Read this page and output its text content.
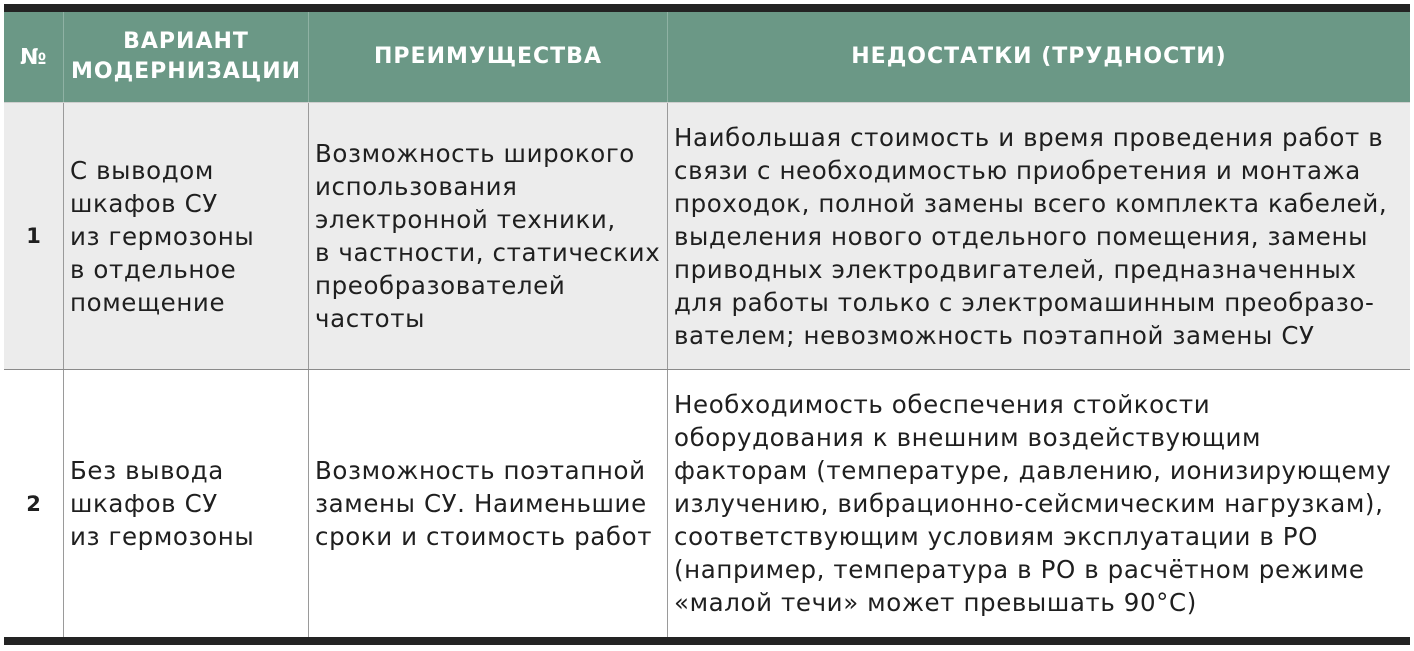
№
ВАРИАНТ
МОДЕРНИЗАЦИИ
ПРЕИМУЩЕСТВА	НЕДОСТАТКИ (ТРУДНОСТИ)
1
С выводом
шкафов СУ
из гермозоны
в отдельное
помещение
Возможность широкого
использования
электронной техники,
в частности, статических
преобразователей
частоты
Наибольшая стоимость и время проведения работ в
связи с необходимостью приобретения и монтажа
проходок, полной замены всего комплекта кабелей,
выделения нового отдельного помещения, замены
приводных электродвигателей, предназначенных
для работы только с электромашинным преобразо-
вателем; невозможность поэтапной замены СУ
2
Без вывода
шкафов СУ
из гермозоны
Возможность поэтапной
замены СУ. Наименьшие
сроки и стоимость работ
Необходимость обеспечения стойкости
оборудования к внешним воздействующим
факторам (температуре, давлению, ионизирующему
излучению, вибрационно-сейсмическим нагрузкам),
соответствующим условиям эксплуатации в РО
(например, температура в РО в расчётном режиме
«малой течи» может превышать 90°С)
